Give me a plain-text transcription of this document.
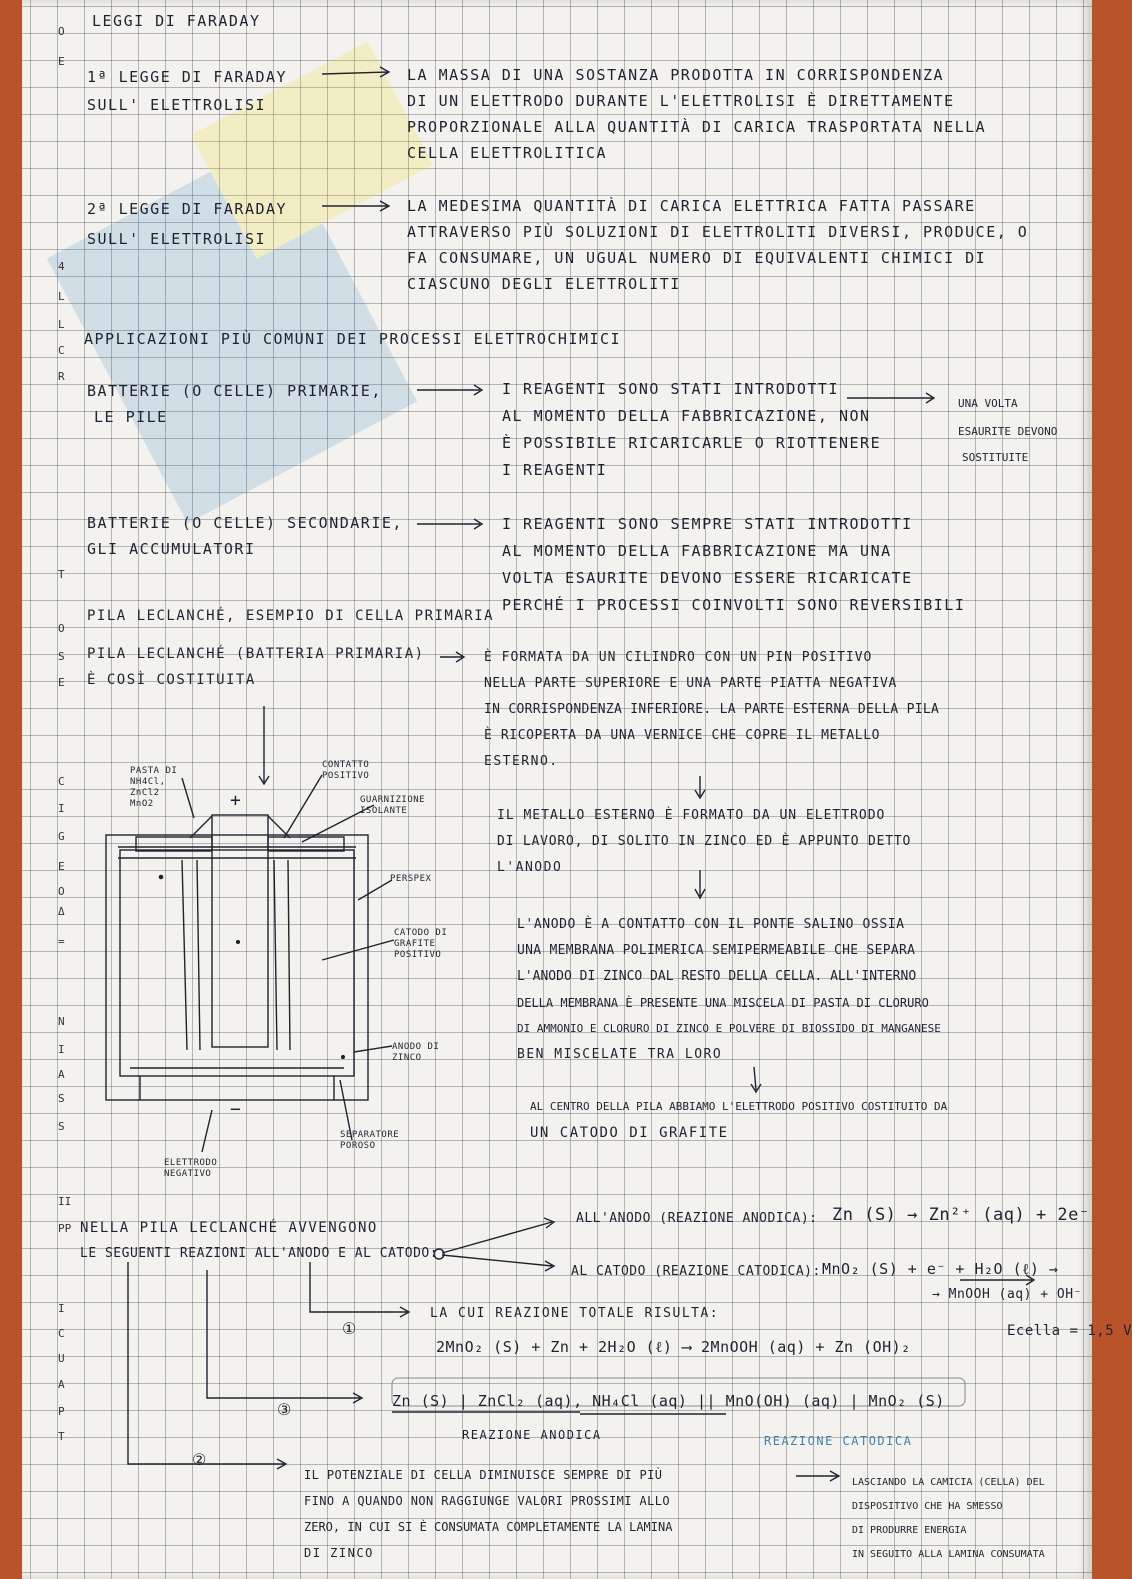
LEGGI DI FARADAY
1ª LEGGE DI FARADAY
SULL' ELETTROLISI
LA MASSA DI UNA SOSTANZA PRODOTTA IN CORRISPONDENZA
DI UN ELETTRODO DURANTE L'ELETTROLISI È DIRETTAMENTE
PROPORZIONALE ALLA QUANTITÀ DI CARICA TRASPORTATA NELLA
CELLA ELETTROLITICA
2ª LEGGE DI FARADAY
SULL' ELETTROLISI
LA MEDESIMA QUANTITÀ DI CARICA ELETTRICA FATTA PASSARE
ATTRAVERSO PIÙ SOLUZIONI DI ELETTROLITI DIVERSI, PRODUCE, O
FA CONSUMARE, UN UGUAL NUMERO DI EQUIVALENTI CHIMICI DI
CIASCUNO DEGLI ELETTROLITI
APPLICAZIONI PIÙ COMUNI DEI PROCESSI ELETTROCHIMICI
BATTERIE (O CELLE) PRIMARIE,
LE PILE
I REAGENTI SONO STATI INTRODOTTI
AL MOMENTO DELLA FABBRICAZIONE, NON
È POSSIBILE RICARICARLE O RIOTTENERE
I REAGENTI
UNA VOLTA
ESAURITE DEVONO
SOSTITUITE
BATTERIE (O CELLE) SECONDARIE,
GLI ACCUMULATORI
I REAGENTI SONO SEMPRE STATI INTRODOTTI
AL MOMENTO DELLA FABBRICAZIONE MA UNA
VOLTA ESAURITE DEVONO ESSERE RICARICATE
PERCHÉ I PROCESSI COINVOLTI SONO REVERSIBILI
PILA LECLANCHÉ, ESEMPIO DI CELLA PRIMARIA
PILA LECLANCHÉ (BATTERIA PRIMARIA)
È COSÌ COSTITUITA
È FORMATA DA UN CILINDRO CON UN PIN POSITIVO
NELLA PARTE SUPERIORE E UNA PARTE PIATTA NEGATIVA
IN CORRISPONDENZA INFERIORE. LA PARTE ESTERNA DELLA PILA
È RICOPERTA DA UNA VERNICE CHE COPRE IL METALLO
ESTERNO.
IL METALLO ESTERNO È FORMATO DA UN ELETTRODO
DI LAVORO, DI SOLITO IN ZINCO ED È APPUNTO DETTO
L'ANODO
L'ANODO È A CONTATTO CON IL PONTE SALINO OSSIA
UNA MEMBRANA POLIMERICA SEMIPERMEABILE CHE SEPARA
L'ANODO DI ZINCO DAL RESTO DELLA CELLA. ALL'INTERNO
DELLA MEMBRANA È PRESENTE UNA MISCELA DI PASTA DI CLORURO
DI AMMONIO E CLORURO DI ZINCO E POLVERE DI BIOSSIDO DI MANGANESE
BEN MISCELATE TRA LORO
AL CENTRO DELLA PILA ABBIAMO L'ELETTRODO POSITIVO COSTITUITO DA
UN CATODO DI GRAFITE
PASTA DI
NH4Cl, ZnCl2
MnO2	+
−
CONTATTO
POSITIVO
GUARNIZIONE
ISOLANTE
PERSPEX
CATODO DI
GRAFITE
POSITIVO
ANODO DI
ZINCO
ELETTRODO
NEGATIVO
SEPARATORE
POROSO
NELLA PILA LECLANCHÉ AVVENGONO
LE SEGUENTI REAZIONI ALL'ANODO E AL CATODO:
ALL'ANODO (REAZIONE ANODICA): Zn (S) → Zn²⁺ (aq) + 2e⁻
AL CATODO (REAZIONE CATODICA): MnO₂ (S) + e⁻ + H₂O (ℓ) →
→ MnOOH (aq) + OH⁻
LA CUI REAZIONE TOTALE RISULTA:
2MnO₂ (S) + Zn + 2H₂O (ℓ) ⟶ 2MnOOH (aq) + Zn (OH)₂
Ecella = 1,5 V
Zn (S) | ZnCl₂ (aq), NH₄Cl (aq) || MnO(OH) (aq) | MnO₂ (S)
REAZIONE ANODICA	REAZIONE CATODICA
①
③
②
IL POTENZIALE DI CELLA DIMINUISCE SEMPRE DI PIÙ
FINO A QUANDO NON RAGGIUNGE VALORI PROSSIMI ALLO
ZERO, IN CUI SI È CONSUMATA COMPLETAMENTE LA LAMINA
DI ZINCO
LASCIANDO LA CAMICIA (CELLA) DEL
DISPOSITIVO CHE HA SMESSO
DI PRODURRE ENERGIA
IN SEGUITO ALLA LAMINA CONSUMATA
O
E
4
L
L
C
R
T
O
S
E
C
I
G
E
O
Δ
=
N
I
A
S
S
II
PP
I
C
U
A
P
T
